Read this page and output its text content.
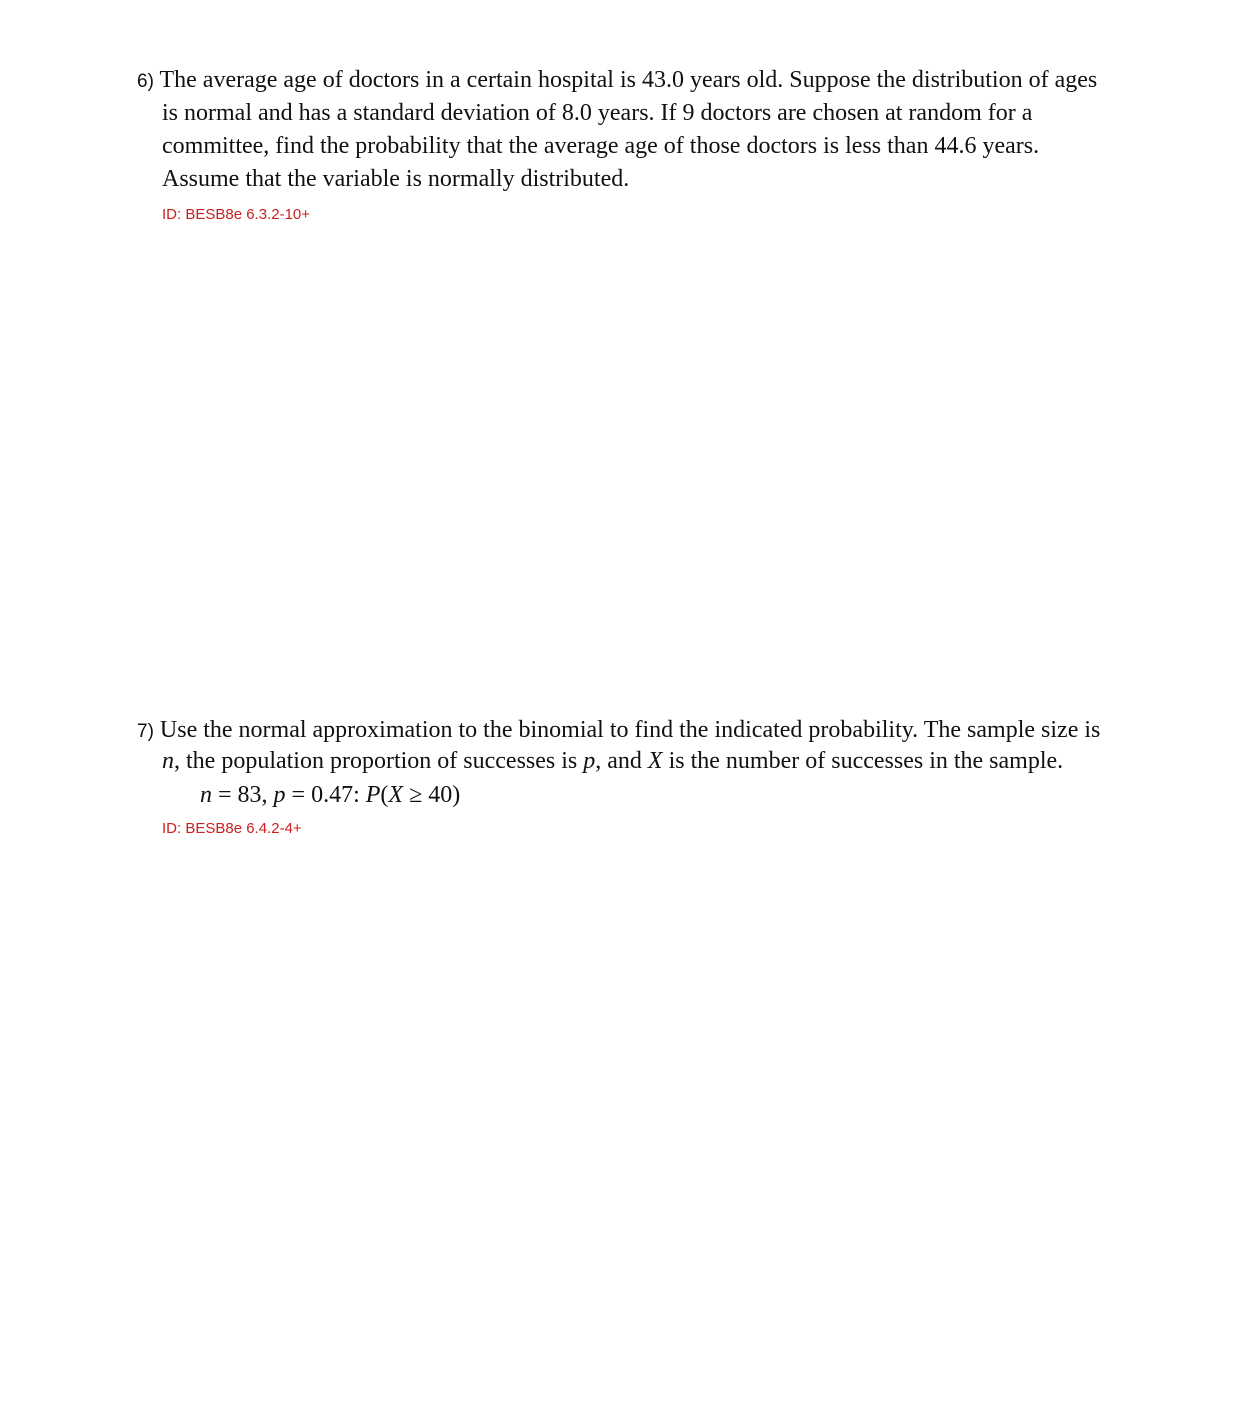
6) The average age of doctors in a certain hospital is 43.0 years old. Suppose the distribution of ages
is normal and has a standard deviation of 8.0 years. If 9 doctors are chosen at random for a
committee, find the probability that the average age of those doctors is less than 44.6 years.
Assume that the variable is normally distributed.
ID: BESB8e 6.3.2-10+
7) Use the normal approximation to the binomial to find the indicated probability. The sample size is
n, the population proportion of successes is p, and X is the number of successes in the sample.
n = 83, p = 0.47: P(X ≥ 40)
ID: BESB8e 6.4.2-4+
